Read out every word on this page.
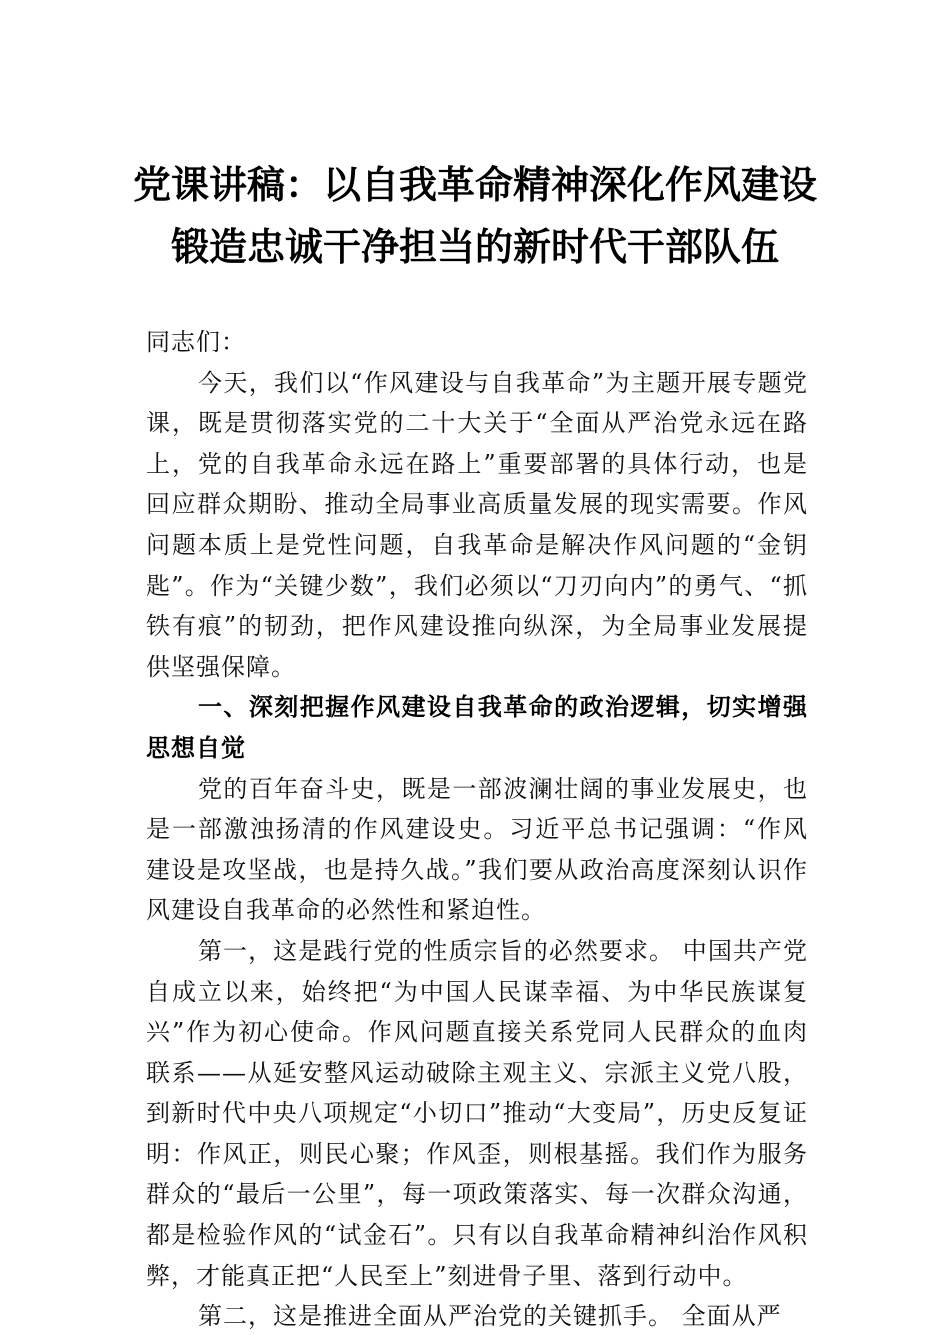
党课讲稿：以自我革命精神深化作风建设
锻造忠诚干净担当的新时代干部队伍

同志们：

今天，我们以“作风建设与自我革命”为主题开展专题党课，既是贯彻落实党的二十大关于“全面从严治党永远在路上，党的自我革命永远在路上”重要部署的具体行动，也是回应群众期盼、推动全局事业高质量发展的现实需要。作风问题本质上是党性问题，自我革命是解决作风问题的“金钥匙”。作为“关键少数”，我们必须以“刀刃向内”的勇气、“抓铁有痕”的韧劲，把作风建设推向纵深，为全局事业发展提供坚强保障。

一、深刻把握作风建设自我革命的政治逻辑，切实增强思想自觉

党的百年奋斗史，既是一部波澜壮阔的事业发展史，也是一部激浊扬清的作风建设史。习近平总书记强调：“作风建设是攻坚战，也是持久战。”我们要从政治高度深刻认识作风建设自我革命的必然性和紧迫性。

第一，这是践行党的性质宗旨的必然要求。 中国共产党自成立以来，始终把“为中国人民谋幸福、为中华民族谋复兴”作为初心使命。作风问题直接关系党同人民群众的血肉联系——从延安整风运动破除主观主义、宗派主义党八股，到新时代中央八项规定“小切口”推动“大变局”，历史反复证明：作风正，则民心聚；作风歪，则根基摇。我们作为服务群众的“最后一公里”，每一项政策落实、每一次群众沟通，都是检验作风的“试金石”。只有以自我革命精神纠治作风积弊，才能真正把“人民至上”刻进骨子里、落到行动中。

第二，这是推进全面从严治党的关键抓手。 全面从严
